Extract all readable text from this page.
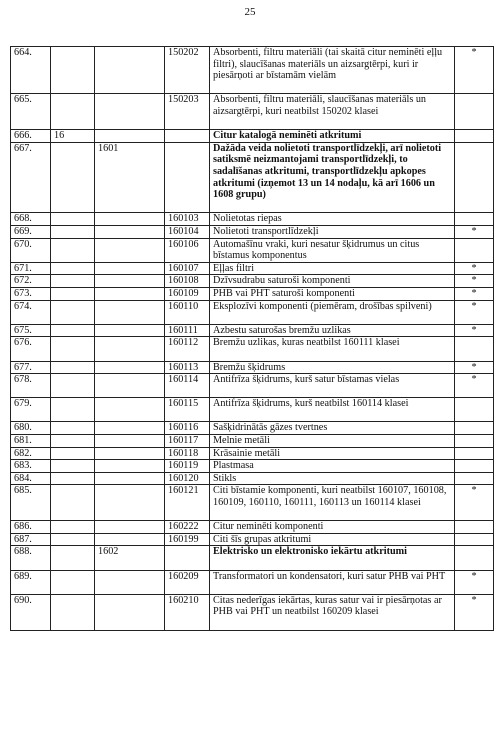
25
664.			150202	Absorbenti, filtru materiāli (tai skaitā citur neminēti eļļu filtri), slaucīšanas materiāls un aizsargtērpi, kuri ir piesārņoti ar bīstamām vielām	*
665.			150203	Absorbenti, filtru materiāli, slaucīšanas materiāls un aizsargtērpi, kuri neatbilst 150202 klasei	
666.	16			Citur katalogā neminēti atkritumi	
667.		1601		Dažāda veida nolietoti transportlīdzekļi, arī nolietoti satiksmē neizmantojami transportlīdzekļi, to sadalīšanas atkritumi, transportlīdzekļu apkopes atkritumi (izņemot 13 un 14 nodaļu, kā arī 1606 un 1608 grupu)	
668.			160103	Nolietotas riepas	
669.			160104	Nolietoti transportlīdzekļi	*
670.			160106	Automašīnu vraki, kuri nesatur šķidrumus un citus bīstamus komponentus	
671.			160107	Eļļas filtri	*
672.			160108	Dzīvsudrabu saturoši komponenti	*
673.			160109	PHB vai PHT saturoši komponenti	*
674.			160110	Eksplozīvi komponenti (piemēram, drošības spilveni)	*
675.			160111	Azbestu saturošas bremžu uzlikas	*
676.			160112	Bremžu uzlikas, kuras neatbilst 160111 klasei	
677.			160113	Bremžu šķidrums	*
678.			160114	Antifrīza šķidrums, kurš satur bīstamas vielas	*
679.			160115	Antifrīza šķidrums, kurš neatbilst 160114 klasei	
680.			160116	Sašķidrinātās gāzes tvertnes	
681.			160117	Melnie metāli	
682.			160118	Krāsainie metāli	
683.			160119	Plastmasa	
684.			160120	Stikls	
685.			160121	Citi bīstamie komponenti, kuri neatbilst 160107, 160108, 160109, 160110, 160111, 160113 un 160114 klasei	*
686.			160222	Citur neminēti komponenti	
687.			160199	Citi šīs grupas atkritumi	
688.		1602		Elektrisko un elektronisko iekārtu atkritumi	
689.			160209	Transformatori un kondensatori, kuri satur PHB vai PHT	*
690.			160210	Citas nederīgas iekārtas, kuras satur vai ir piesārņotas ar PHB vai PHT un neatbilst 160209 klasei	*
